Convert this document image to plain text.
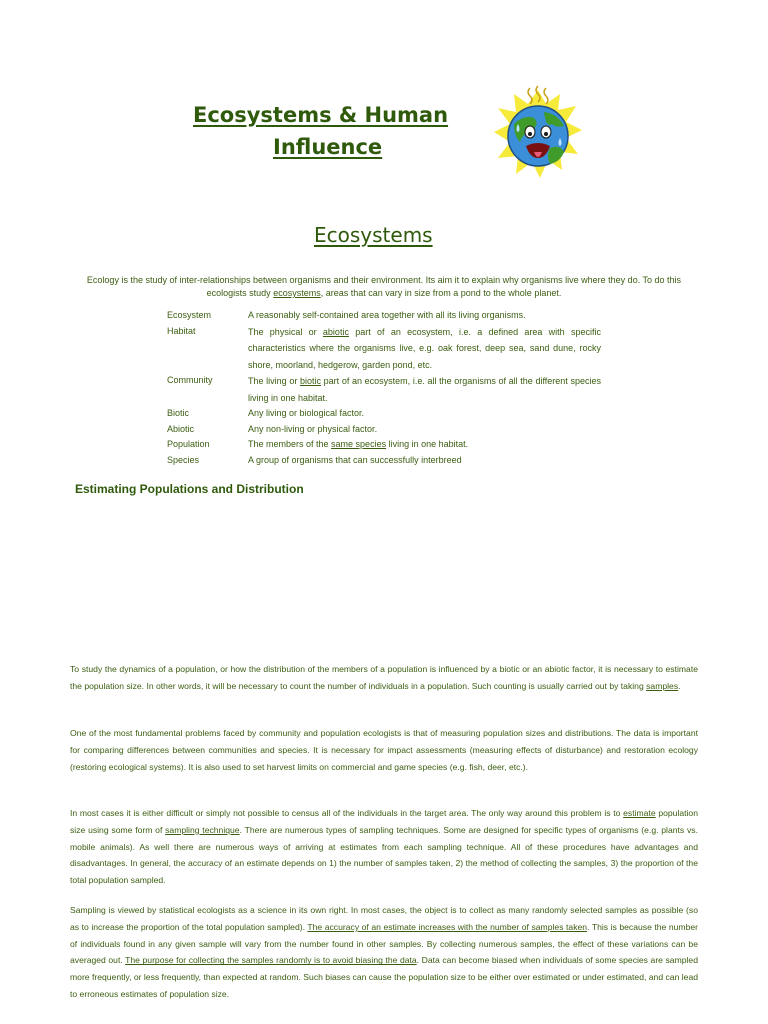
Ecosystems & Human
Influence
Ecosystems
Ecology is the study of inter-relationships between organisms and their environment. Its aim it to explain why organisms live where they do. To do this ecologists study ecosystems, areas that can vary in size from a pond to the whole planet.
Ecosystem	A reasonably self-contained area together with all its living organisms.
Habitat	The physical or abiotic part of an ecosystem, i.e. a defined area with specific characteristics where the organisms live, e.g. oak forest, deep sea, sand dune, rocky shore, moorland, hedgerow, garden pond, etc.
Community	The living or biotic part of an ecosystem, i.e. all the organisms of all the different species living in one habitat.
Biotic	Any living or biological factor.
Abiotic	Any non-living or physical factor.
Population	The members of the same species living in one habitat.
Species	A group of organisms that can successfully interbreed
Estimating Populations and Distribution
To study the dynamics of a population, or how the distribution of the members of a population is influenced by a biotic or an abiotic factor, it is necessary to estimate the population size. In other words, it will be necessary to count the number of individuals in a population. Such counting is usually carried out by taking samples.
One of the most fundamental problems faced by community and population ecologists is that of measuring population sizes and distributions. The data is important for comparing differences between communities and species. It is necessary for impact assessments (measuring effects of disturbance) and restoration ecology (restoring ecological systems). It is also used to set harvest limits on commercial and game species (e.g. fish, deer, etc.).
In most cases it is either difficult or simply not possible to census all of the individuals in the target area. The only way around this problem is to estimate population size using some form of sampling technique. There are numerous types of sampling techniques. Some are designed for specific types of organisms (e.g. plants vs. mobile animals). As well there are numerous ways of arriving at estimates from each sampling technique. All of these procedures have advantages and disadvantages. In general, the accuracy of an estimate depends on 1) the number of samples taken, 2) the method of collecting the samples, 3) the proportion of the total population sampled.
Sampling is viewed by statistical ecologists as a science in its own right. In most cases, the object is to collect as many randomly selected samples as possible (so as to increase the proportion of the total population sampled). The accuracy of an estimate increases with the number of samples taken. This is because the number of individuals found in any given sample will vary from the number found in other samples. By collecting numerous samples, the effect of these variations can be averaged out. The purpose for collecting the samples randomly is to avoid biasing the data. Data can become biased when individuals of some species are sampled more frequently, or less frequently, than expected at random. Such biases can cause the population size to be either over estimated or under estimated, and can lead to erroneous estimates of population size.
